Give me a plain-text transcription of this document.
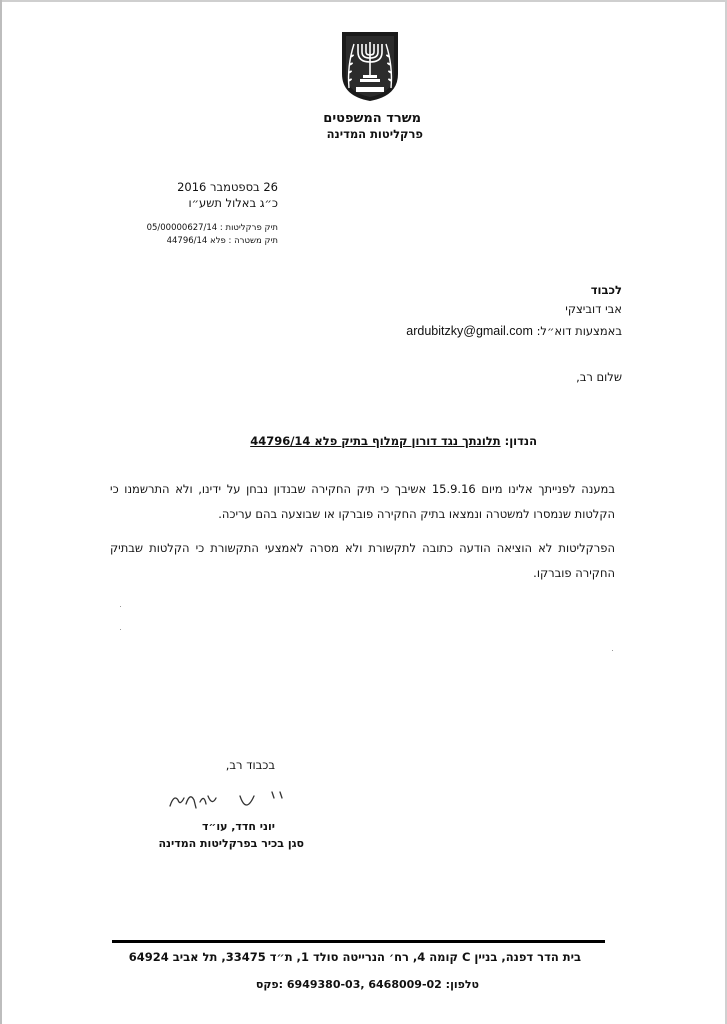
משרד המשפטים
פרקליטות המדינה
26 בספטמבר 2016
כ״ג באלול תשע״ו
תיק פרקליטות : 05/00000627/14
תיק משטרה : פלא 44796/14
לכבוד
אבי דוביצקי
באמצעות דוא״ל: ardubitzky@gmail.com
שלום רב,
הנדון: תלונתך נגד דורון קמלוף בתיק פלא 44796/14
במענה לפנייתך אלינו מיום 15.9.16 אשיבך כי תיק החקירה שבנדון נבחן על ידינו, ולא התרשמנו כי הקלטות שנמסרו למשטרה ונמצאו בתיק החקירה פוברקו או שבוצעה בהם עריכה.
הפרקליטות לא הוציאה הודעה כתובה לתקשורת ולא מסרה לאמצעי התקשורת כי הקלטות שבתיק החקירה פוברקו.
בכבוד רב,
יוני חדד, עו״ד
סגן בכיר בפרקליטות המדינה
בית הדר דפנה, בניין C קומה 4, רח׳ הנרייטה סולד 1, ת״ד 33475, תל אביב 64924
טלפון: 02‑6468009 ,03‑6949380 :פקס
